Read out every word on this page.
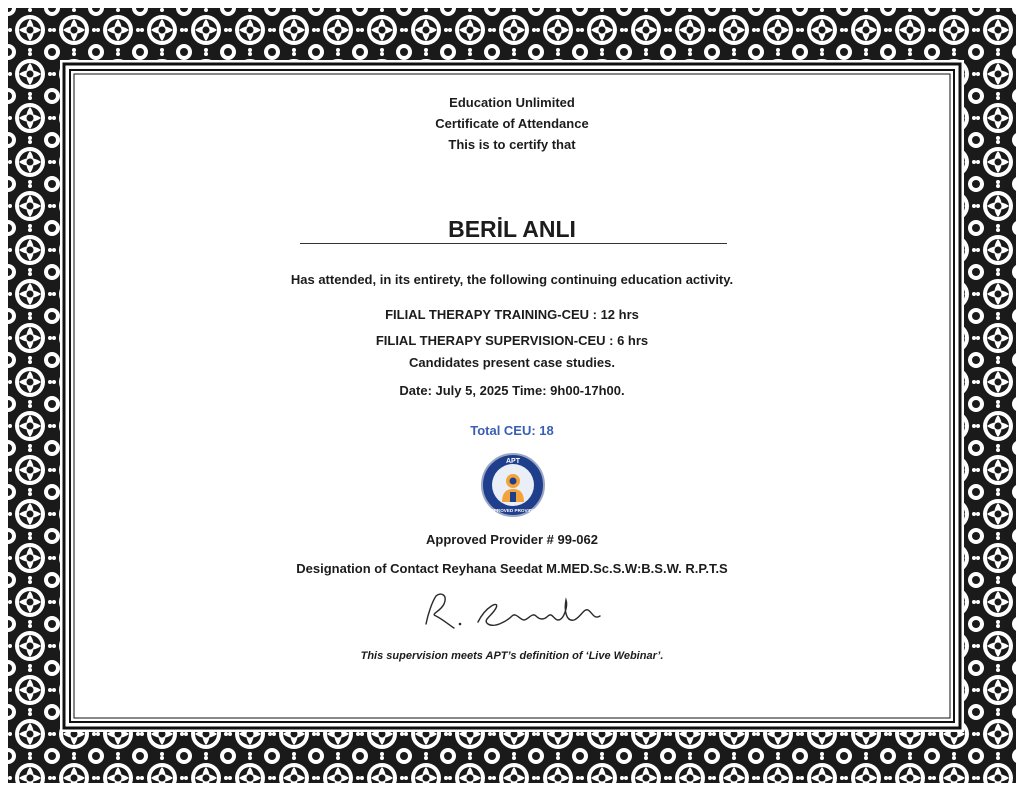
Education Unlimited
Certificate of Attendance
This is to certify that
BERİL ANLI
Has attended, in its entirety, the following continuing education activity.
FILIAL THERAPY TRAINING-CEU : 12 hrs
FILIAL THERAPY SUPERVISION-CEU : 6 hrs
Candidates present case studies.
Date: July 5, 2025 Time: 9h00-17h00.
Total CEU: 18
APT
APPROVED PROVIDER
Approved Provider # 99-062
Designation of Contact Reyhana Seedat M.MED.Sc.S.W:B.S.W. R.P.T.S
This supervision meets APT’s definition of ‘Live Webinar’.
